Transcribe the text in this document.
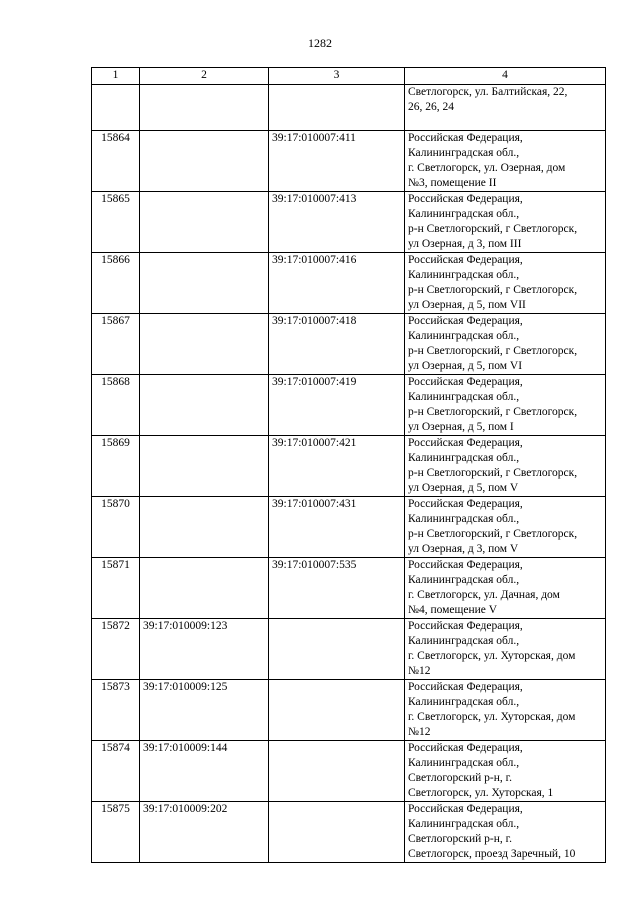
1282
1	2	3	4

			Светлогорск, ул. Балтийская, 22,
26, 26, 24

15864		39:17:010007:411	Российская Федерация,
Калининградская обл.,
г. Светлогорск, ул. Озерная, дом
№3, помещение II

15865		39:17:010007:413	Российская Федерация,
Калининградская обл.,
р-н Светлогорский, г Светлогорск,
ул Озерная, д 3, пом III

15866		39:17:010007:416	Российская Федерация,
Калининградская обл.,
р-н Светлогорский, г Светлогорск,
ул Озерная, д 5, пом VII

15867		39:17:010007:418	Российская Федерация,
Калининградская обл.,
р-н Светлогорский, г Светлогорск,
ул Озерная, д 5, пом VI

15868		39:17:010007:419	Российская Федерация,
Калининградская обл.,
р-н Светлогорский, г Светлогорск,
ул Озерная, д 5, пом I

15869		39:17:010007:421	Российская Федерация,
Калининградская обл.,
р-н Светлогорский, г Светлогорск,
ул Озерная, д 5, пом V

15870		39:17:010007:431	Российская Федерация,
Калининградская обл.,
р-н Светлогорский, г Светлогорск,
ул Озерная, д 3, пом V

15871		39:17:010007:535	Российская Федерация,
Калининградская обл.,
г. Светлогорск, ул. Дачная, дом
№4, помещение V

15872	39:17:010009:123		Российская Федерация,
Калининградская обл.,
г. Светлогорск, ул. Хуторская, дом
№12

15873	39:17:010009:125		Российская Федерация,
Калининградская обл.,
г. Светлогорск, ул. Хуторская, дом
№12

15874	39:17:010009:144		Российская Федерация,
Калининградская обл.,
Светлогорский р-н, г.
Светлогорск, ул. Хуторская, 1

15875	39:17:010009:202		Российская Федерация,
Калининградская обл.,
Светлогорский р-н, г.
Светлогорск, проезд Заречный, 10
